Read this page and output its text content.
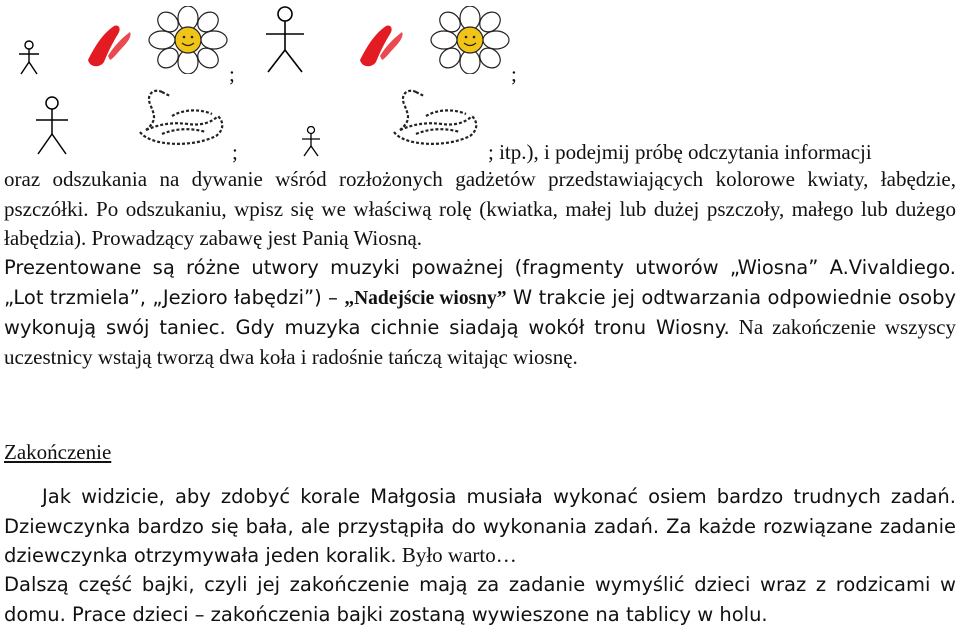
;	;
;	; itp.), i podejmij próbę odczytania informacji

oraz odszukania na dywanie wśród rozłożonych gadżetów przedstawiających kolorowe kwiaty, łabędzie, pszczółki. Po odszukaniu, wpisz się we właściwą rolę (kwiatka, małej lub dużej pszczoły, małego lub dużego łabędzia). Prowadzący zabawę jest Panią Wiosną.

Prezentowane są różne utwory muzyki poważnej (fragmenty utworów „Wiosna” A.Vivaldiego. „Lot trzmiela”, „Jezioro łabędzi”) – „Nadejście wiosny” W trakcie jej odtwarzania odpowiednie osoby wykonują swój taniec. Gdy muzyka cichnie siadają wokół tronu Wiosny. Na zakończenie wszyscy uczestnicy wstają tworzą dwa koła i radośnie tańczą witając wiosnę.

Zakończenie

Jak widzicie, aby zdobyć korale Małgosia musiała wykonać osiem bardzo trudnych zadań. Dziewczynka bardzo się bała, ale przystąpiła do wykonania zadań. Za każde rozwiązane zadanie dziewczynka otrzymywała jeden koralik. Było warto…

Dalszą część bajki, czyli jej zakończenie mają za zadanie wymyślić dzieci wraz z rodzicami w domu. Prace dzieci – zakończenia bajki zostaną wywieszone na tablicy w holu.
